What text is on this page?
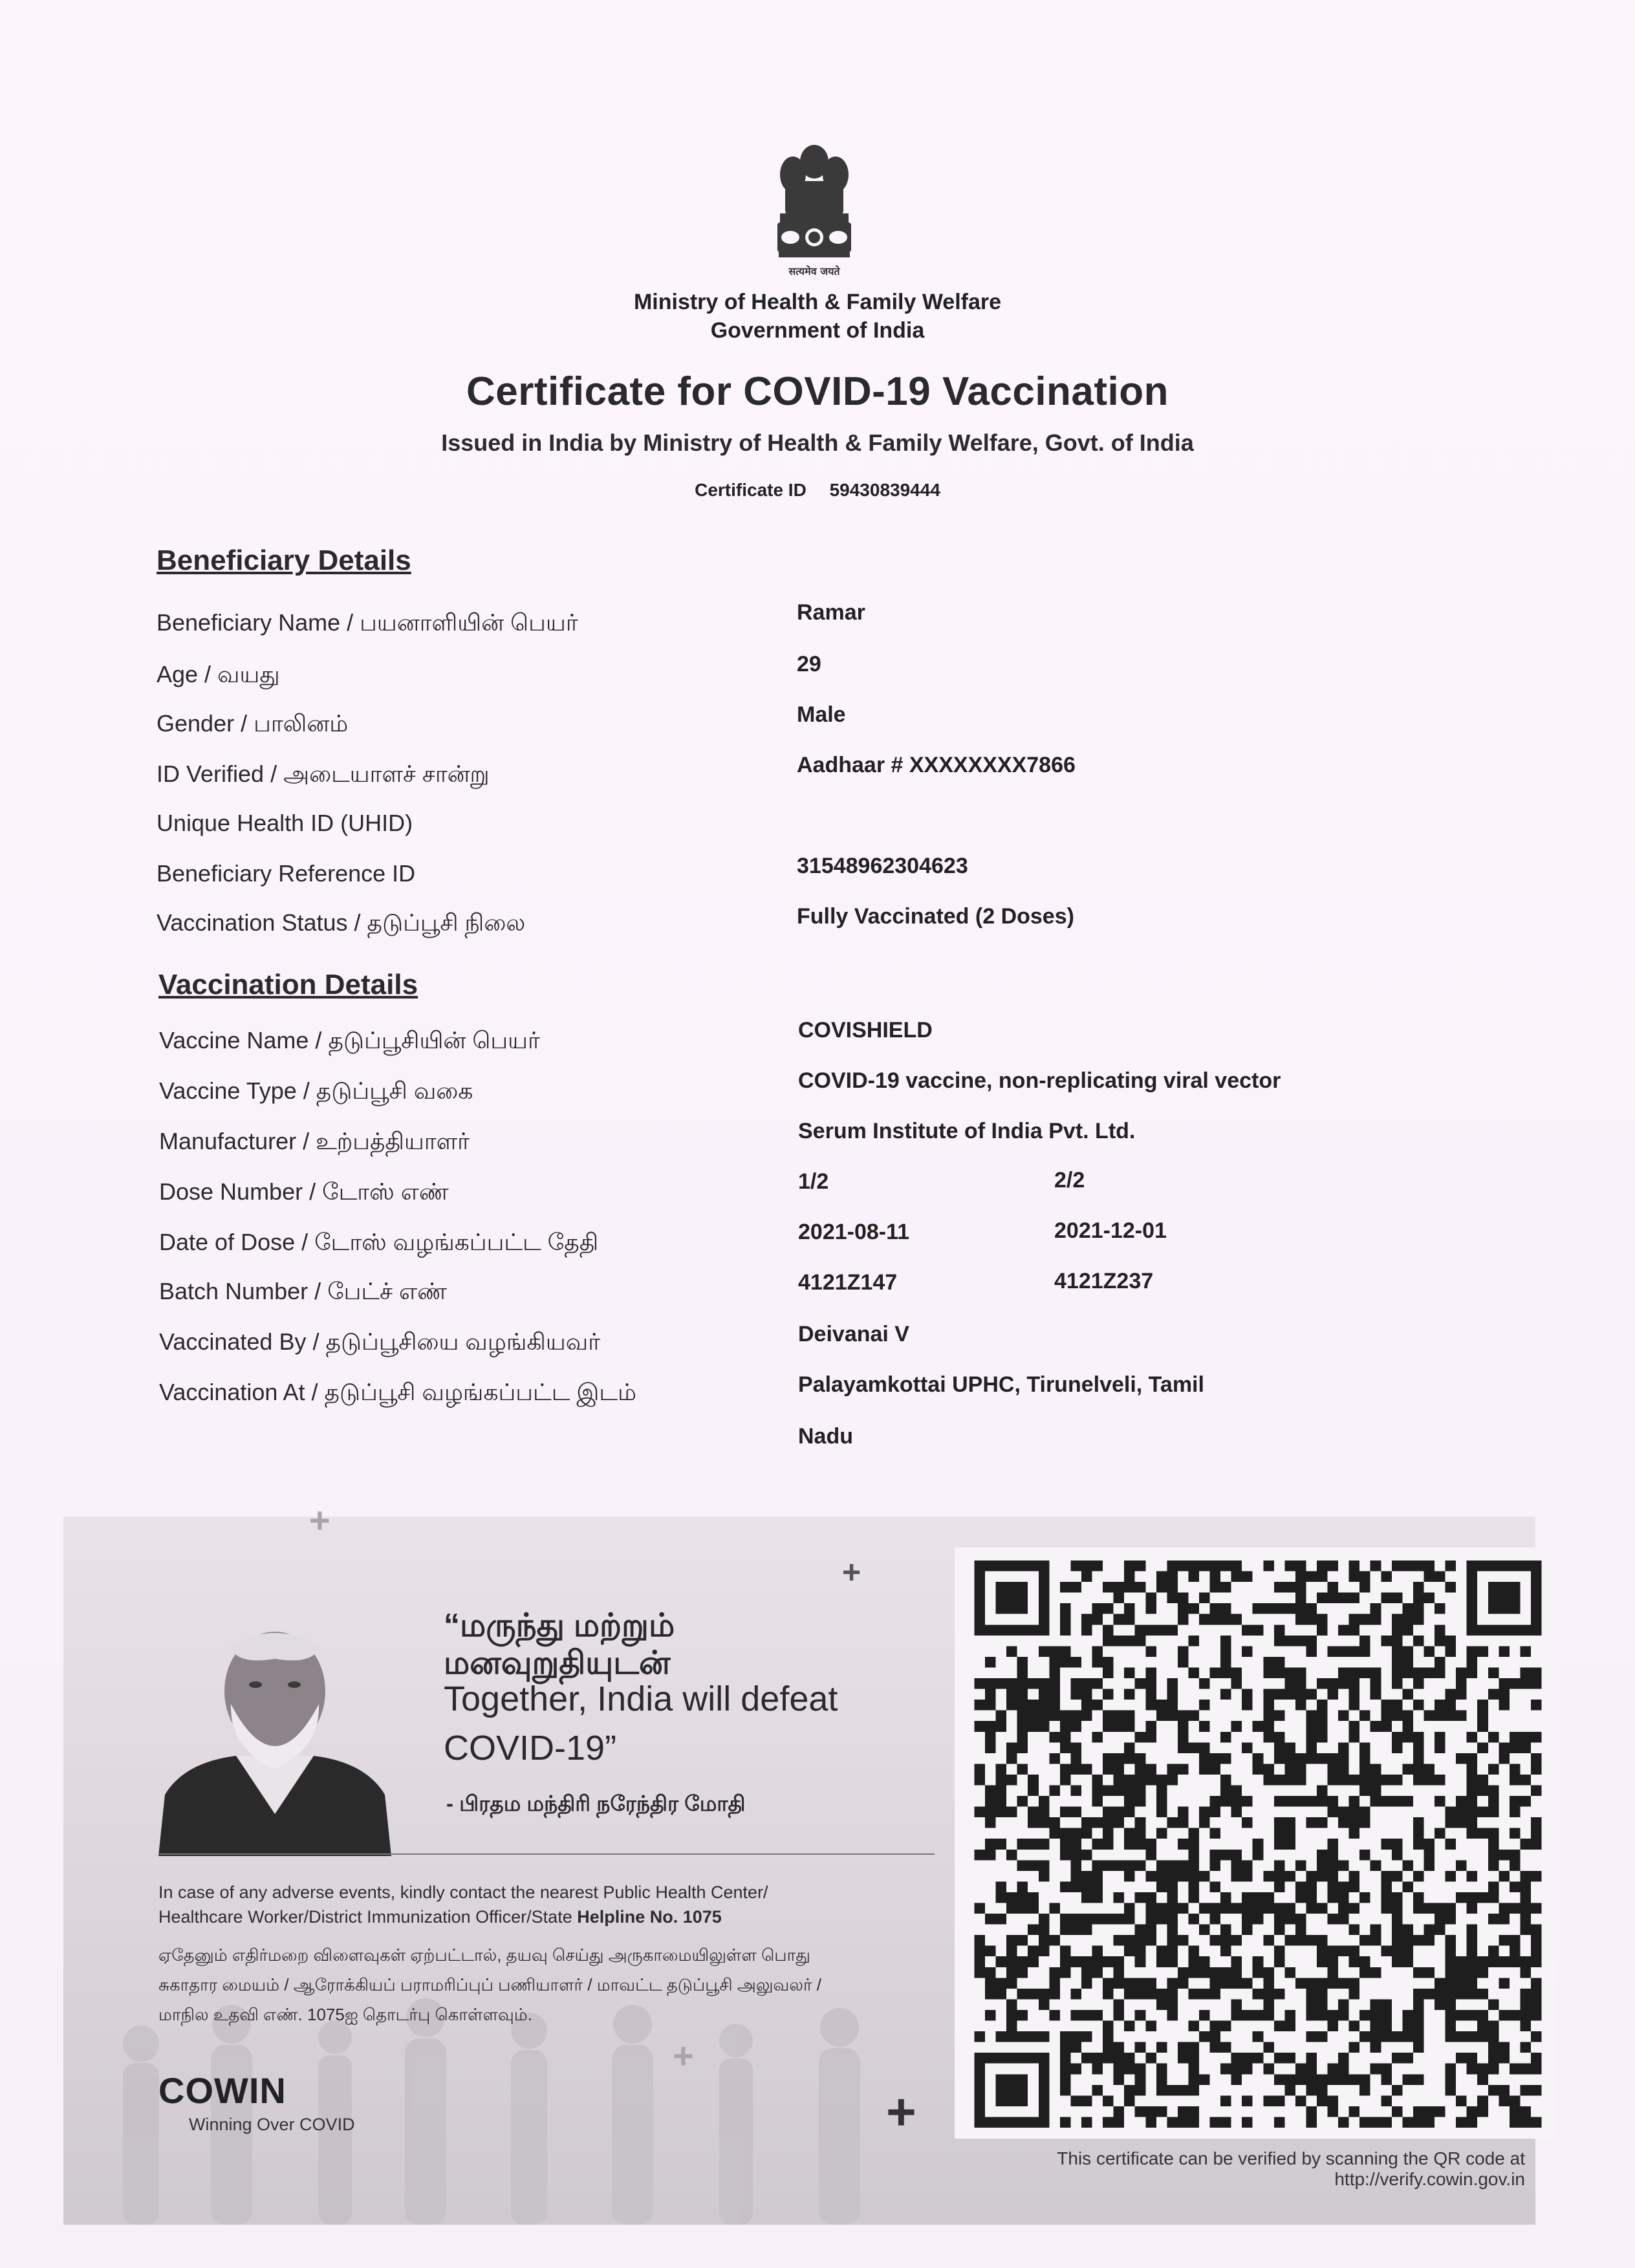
सत्यमेव जयते
Ministry of Health & Family Welfare
Government of India
Certificate for COVID-19 Vaccination
Issued in India by Ministry of Health & Family Welfare, Govt. of India
Certificate ID 59430839444
Beneficiary Details
Beneficiary Name / பயனாளியின் பெயர்	Ramar
Age / வயது	29
Gender / பாலினம்	Male
ID Verified / அடையாளச் சான்று	Aadhaar # XXXXXXXX7866
Unique Health ID (UHID)
Beneficiary Reference ID	31548962304623
Vaccination Status / தடுப்பூசி நிலை	Fully Vaccinated (2 Doses)
Vaccination Details
Vaccine Name / தடுப்பூசியின் பெயர்	COVISHIELD
Vaccine Type / தடுப்பூசி வகை	COVID-19 vaccine, non-replicating viral vector
Manufacturer / உற்பத்தியாளர்	Serum Institute of India Pvt. Ltd.
Dose Number / டோஸ் எண்	1/2	2/2
Date of Dose / டோஸ் வழங்கப்பட்ட தேதி	2021-08-11	2021-12-01
Batch Number / பேட்ச் எண்	4121Z147	4121Z237
Vaccinated By / தடுப்பூசியை வழங்கியவர்	Deivanai V
Vaccination At / தடுப்பூசி வழங்கப்பட்ட இடம்	Palayamkottai UPHC, Tirunelveli, Tamil
Nadu
+
+
+
+
“மருந்து மற்றும்
மனவுறுதியுடன்
Together, India will defeat
COVID-19”
- பிரதம மந்திரி நரேந்திர மோதி
In case of any adverse events, kindly contact the nearest Public Health Center/
Healthcare Worker/District Immunization Officer/State Helpline No. 1075
ஏதேனும் எதிர்மறை விளைவுகள் ஏற்பட்டால், தயவு செய்து அருகாமையிலுள்ள பொது
சுகாதார மையம் / ஆரோக்கியப் பராமரிப்புப் பணியாளர் / மாவட்ட தடுப்பூசி அலுவலர் /
மாநில உதவி எண். 1075ஐ தொடர்பு கொள்ளவும்.
COWIN
Winning Over COVID
This certificate can be verified by scanning the QR code at
http://verify.cowin.gov.in
